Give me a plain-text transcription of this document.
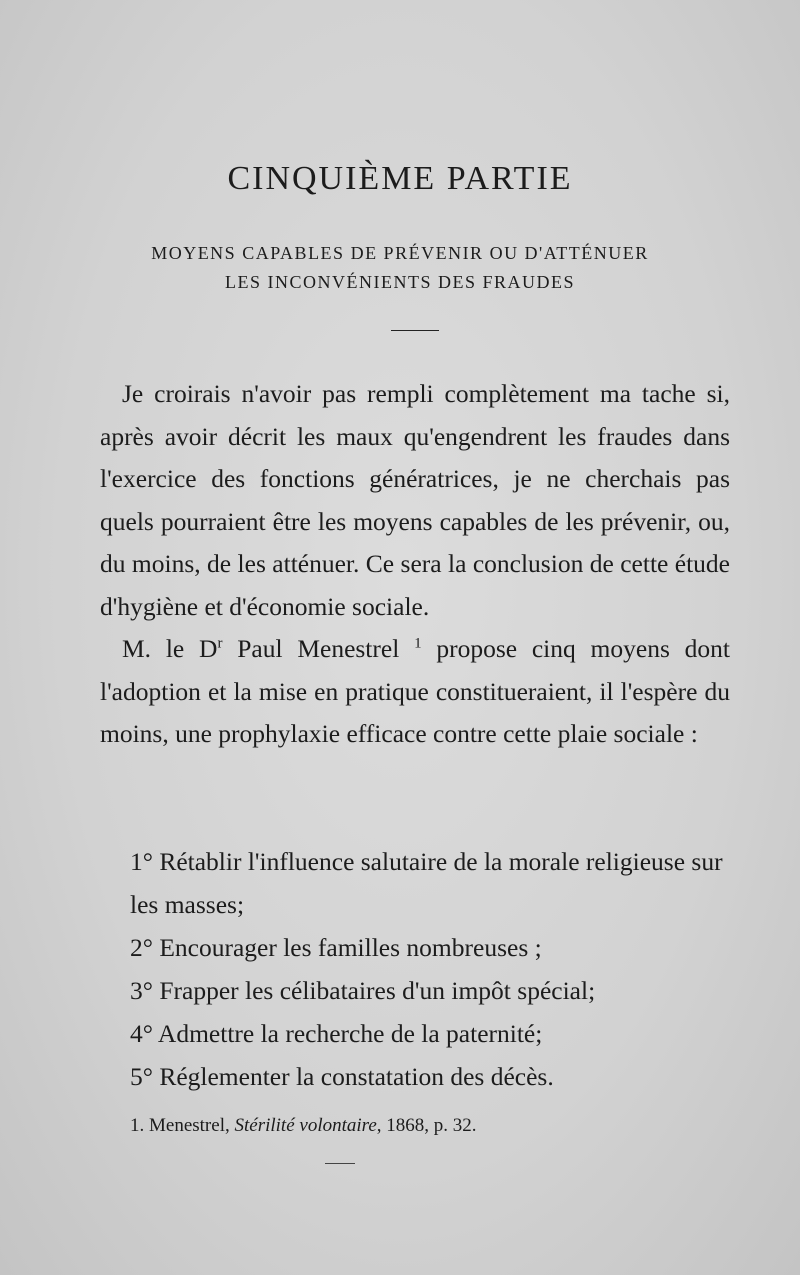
CINQUIÈME PARTIE

MOYENS CAPABLES DE PRÉVENIR OU D'ATTÉNUER

LES INCONVÉNIENTS DES FRAUDES

Je croirais n'avoir pas rempli complètement ma tache si, après avoir décrit les maux qu'engendrent les fraudes dans l'exercice des fonctions génératrices, je ne cherchais pas quels pourraient être les moyens capables de les prévenir, ou, du moins, de les atténuer. Ce sera la conclusion de cette étude d'hygiène et d'économie sociale.

M. le $D^r$ Paul Menestrel $^1$ propose cinq moyens dont l'adoption et la mise en pratique constitueraient, il l'espère du moins, une prophylaxie efficace contre cette plaie sociale :

1° Rétablir l'influence salutaire de la morale religieuse sur les masses;
2° Encourager les familles nombreuses ;
3° Frapper les célibataires d'un impôt spécial;
4° Admettre la recherche de la paternité;
5° Réglementer la constatation des décès.

1. Menestrel, Stérilité volontaire, 1868, p. 32.
